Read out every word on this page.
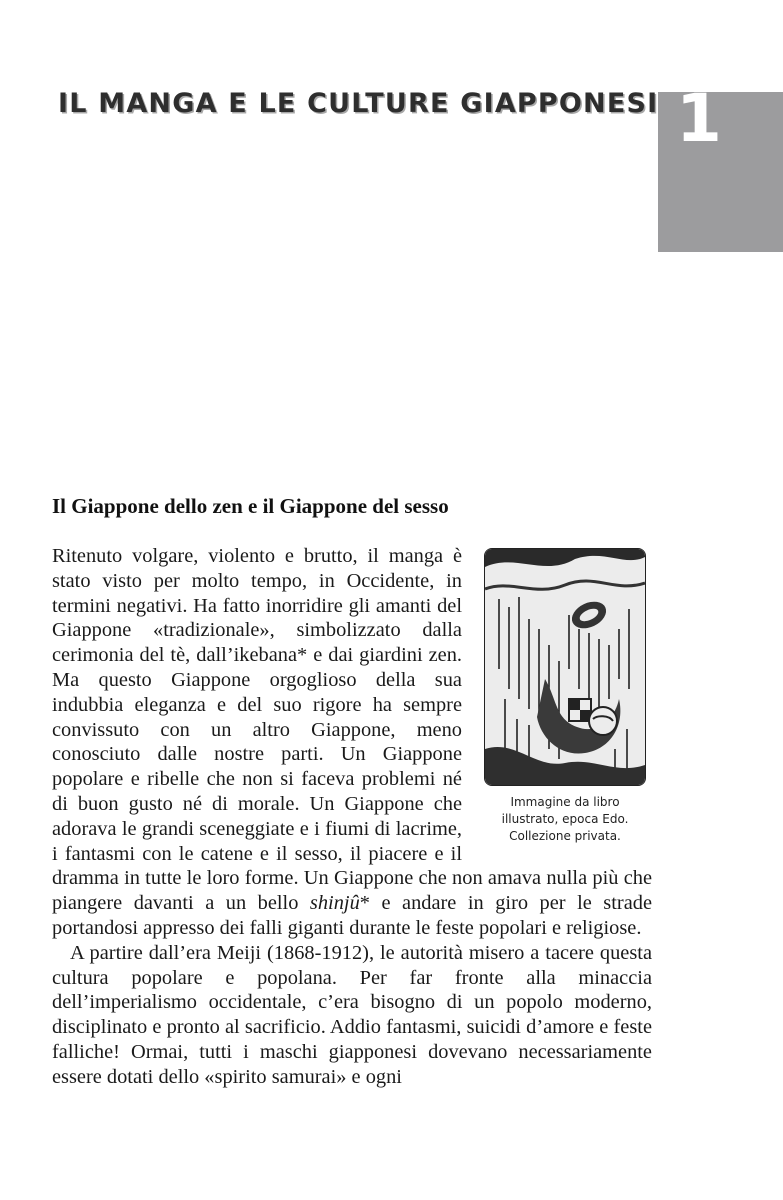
IL MANGA E LE CULTURE GIAPPONESI 1
Il Giappone dello zen e il Giappone del sesso
Immagine da libro
illustrato, epoca Edo.
Collezione privata.

Ritenuto volgare, violento e brutto, il manga è stato visto per molto tempo, in Occidente, in termini negativi. Ha fatto inorridire gli amanti del Giappone «tradizionale», simbolizzato dalla cerimonia del tè, dall’ikebana* e dai giardini zen. Ma questo Giappone orgoglioso della sua indubbia eleganza e del suo rigore ha sempre convissuto con un altro Giappone, meno conosciuto dalle nostre parti. Un Giappone popolare e ribelle che non si faceva problemi né di buon gusto né di morale. Un Giappone che adorava le grandi sceneggiate e i fiumi di lacrime, i fantasmi con le catene e il sesso, il piacere e il dramma in tutte le loro forme. Un Giappone che non amava nulla più che piangere davanti a un bello shinjû* e andare in giro per le strade portandosi appresso dei falli giganti durante le feste popolari e religiose.

A partire dall’era Meiji (1868-1912), le autorità misero a tacere questa cultura popolare e popolana. Per far fronte alla minaccia dell’imperialismo occidentale, c’era bisogno di un popolo moderno, disciplinato e pronto al sacrificio. Addio fantasmi, suicidi d’amore e feste falliche! Ormai, tutti i maschi giapponesi dovevano necessariamente essere dotati dello «spirito samurai» e ogni
